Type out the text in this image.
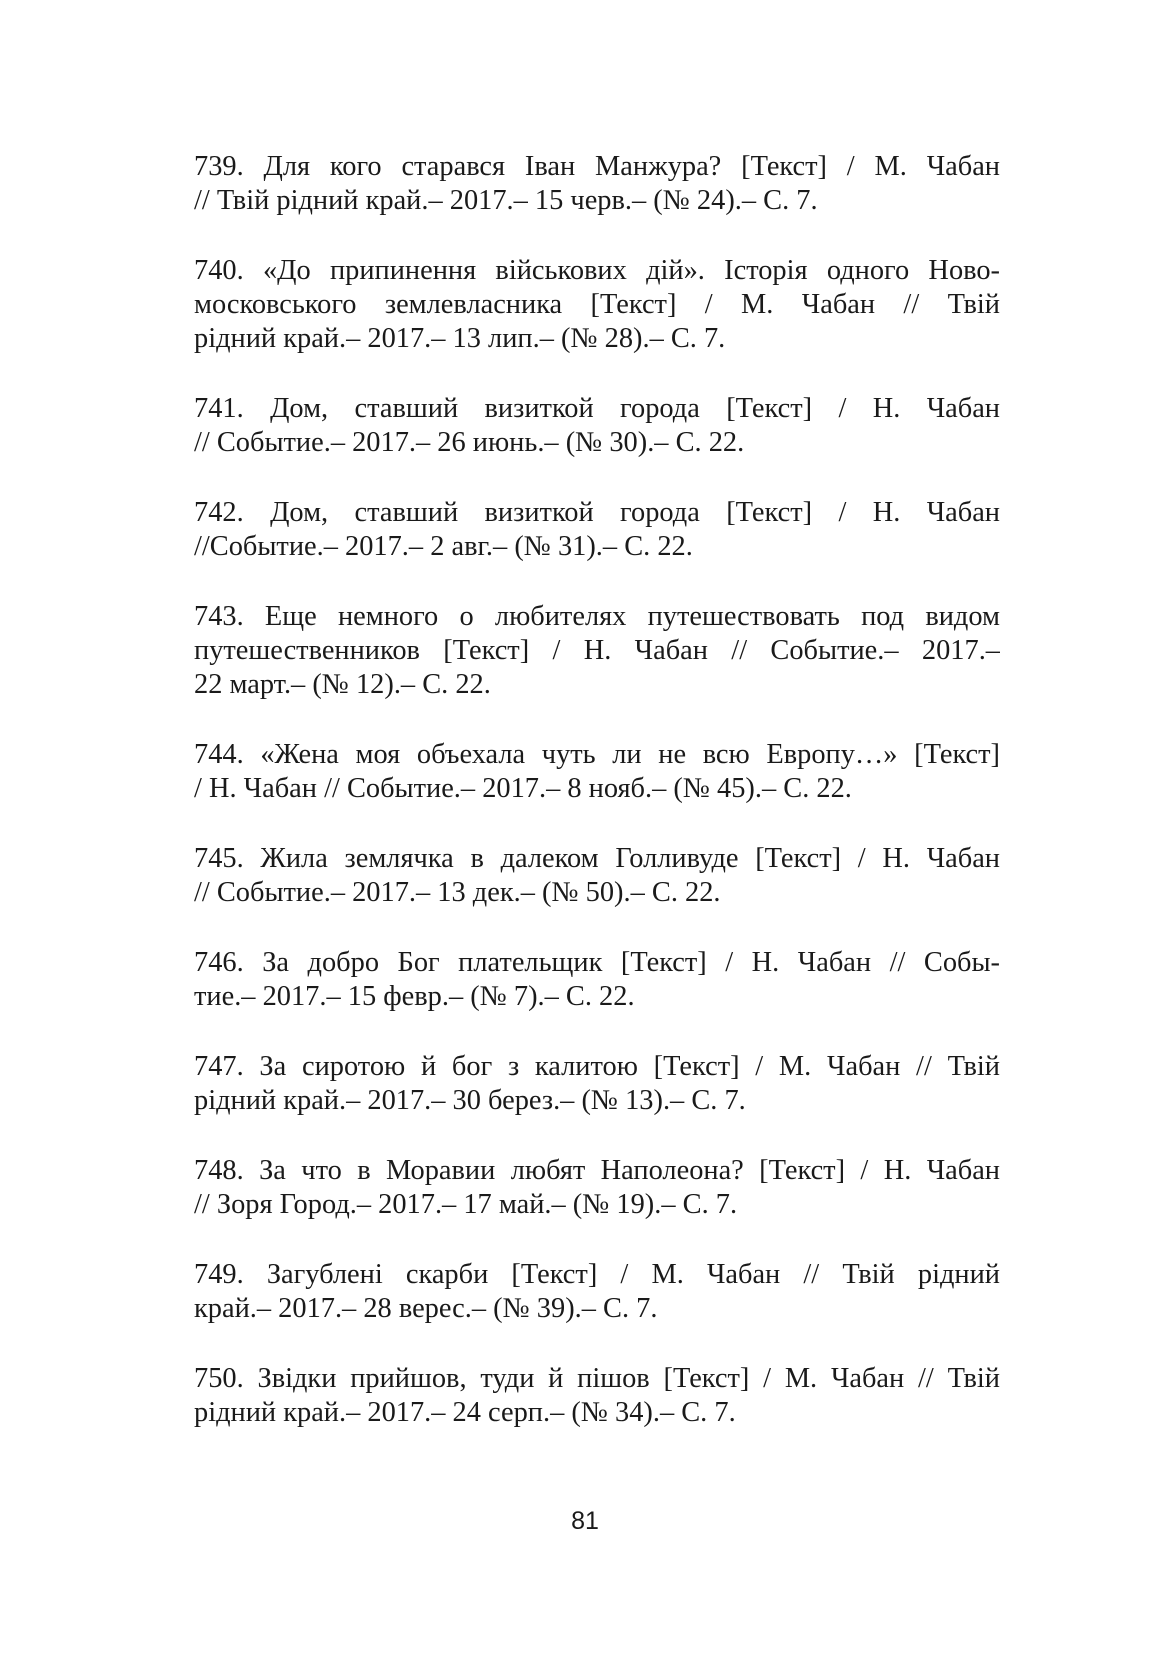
739. Для кого старався Іван Манжура? [Текст] / М. Чабан
// Твій рідний край.– 2017.– 15 черв.– (№ 24).– С. 7.
740. «До припинення військових дій». Історія одного Ново-
московського землевласника [Текст] / М. Чабан // Твій
рідний край.– 2017.– 13 лип.– (№ 28).– С. 7.
741. Дом, ставший визиткой города [Текст] / Н. Чабан
// Событие.– 2017.– 26 июнь.– (№ 30).– С. 22.
742. Дом, ставший визиткой города [Текст] / Н. Чабан
//Событие.– 2017.– 2 авг.– (№ 31).– С. 22.
743. Еще немного о любителях путешествовать под видом
путешественников [Текст] / Н. Чабан // Событие.– 2017.–
22 март.– (№ 12).– С. 22.
744. «Жена моя объехала чуть ли не всю Европу…» [Текст]
/ Н. Чабан // Событие.– 2017.– 8 нояб.– (№ 45).– С. 22.
745. Жила землячка в далеком Голливуде [Текст] / Н. Чабан
// Событие.– 2017.– 13 дек.– (№ 50).– С. 22.
746. За добро Бог плательщик [Текст] / Н. Чабан // Собы-
тие.– 2017.– 15 февр.– (№ 7).– С. 22.
747. За сиротою й бог з калитою [Текст] / М. Чабан // Твій
рідний край.– 2017.– 30 берез.– (№ 13).– С. 7.
748. За что в Моравии любят Наполеона? [Текст] / Н. Чабан
// Зоря Город.– 2017.– 17 май.– (№ 19).– С. 7.
749. Загублені скарби [Текст] / М. Чабан // Твій рідний
край.– 2017.– 28 верес.– (№ 39).– С. 7.
750. Звідки прийшов, туди й пішов [Текст] / М. Чабан // Твій
рідний край.– 2017.– 24 серп.– (№ 34).– С. 7.
81
